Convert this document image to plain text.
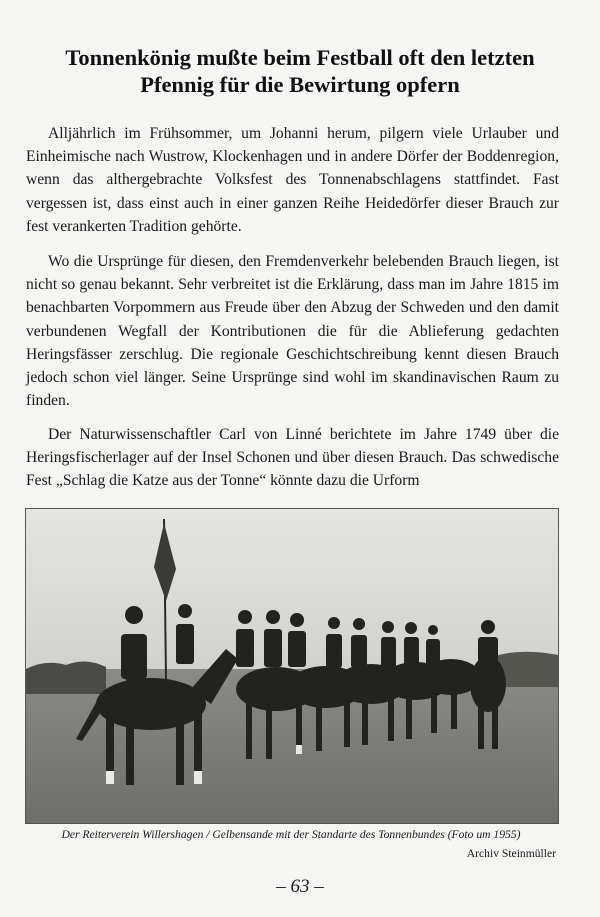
Tonnenkönig mußte beim Festball oft den letzten
Pfennig für die Bewirtung opfern

Alljährlich im Frühsommer, um Johanni herum, pilgern viele Urlauber und Einheimische nach Wustrow, Klockenhagen und in andere Dörfer der Boddenregion, wenn das althergebrachte Volksfest des Tonnenabschlagens stattfindet. Fast vergessen ist, dass einst auch in einer ganzen Reihe Heidedörfer dieser Brauch zur fest verankerten Tradition gehörte.

Wo die Ursprünge für diesen, den Fremdenverkehr belebenden Brauch liegen, ist nicht so genau bekannt. Sehr verbreitet ist die Erklärung, dass man im Jahre 1815 im benachbarten Vorpommern aus Freude über den Abzug der Schweden und den damit verbundenen Wegfall der Kontributionen die für die Ablieferung gedachten Heringsfässer zerschlug. Die regionale Geschichtschreibung kennt diesen Brauch jedoch schon viel länger. Seine Ursprünge sind wohl im skandinavischen Raum zu finden.

Der Naturwissenschaftler Carl von Linné berichtete im Jahre 1749 über die Heringsfischerlager auf der Insel Schonen und über diesen Brauch. Das schwedische Fest „Schlag die Katze aus der Tonne“ könnte dazu die Urform

Der Reiterverein Willershagen / Gelbensande mit der Standarte des Tonnenbundes (Foto um 1955)
Archiv Steinmüller
– 63 –
